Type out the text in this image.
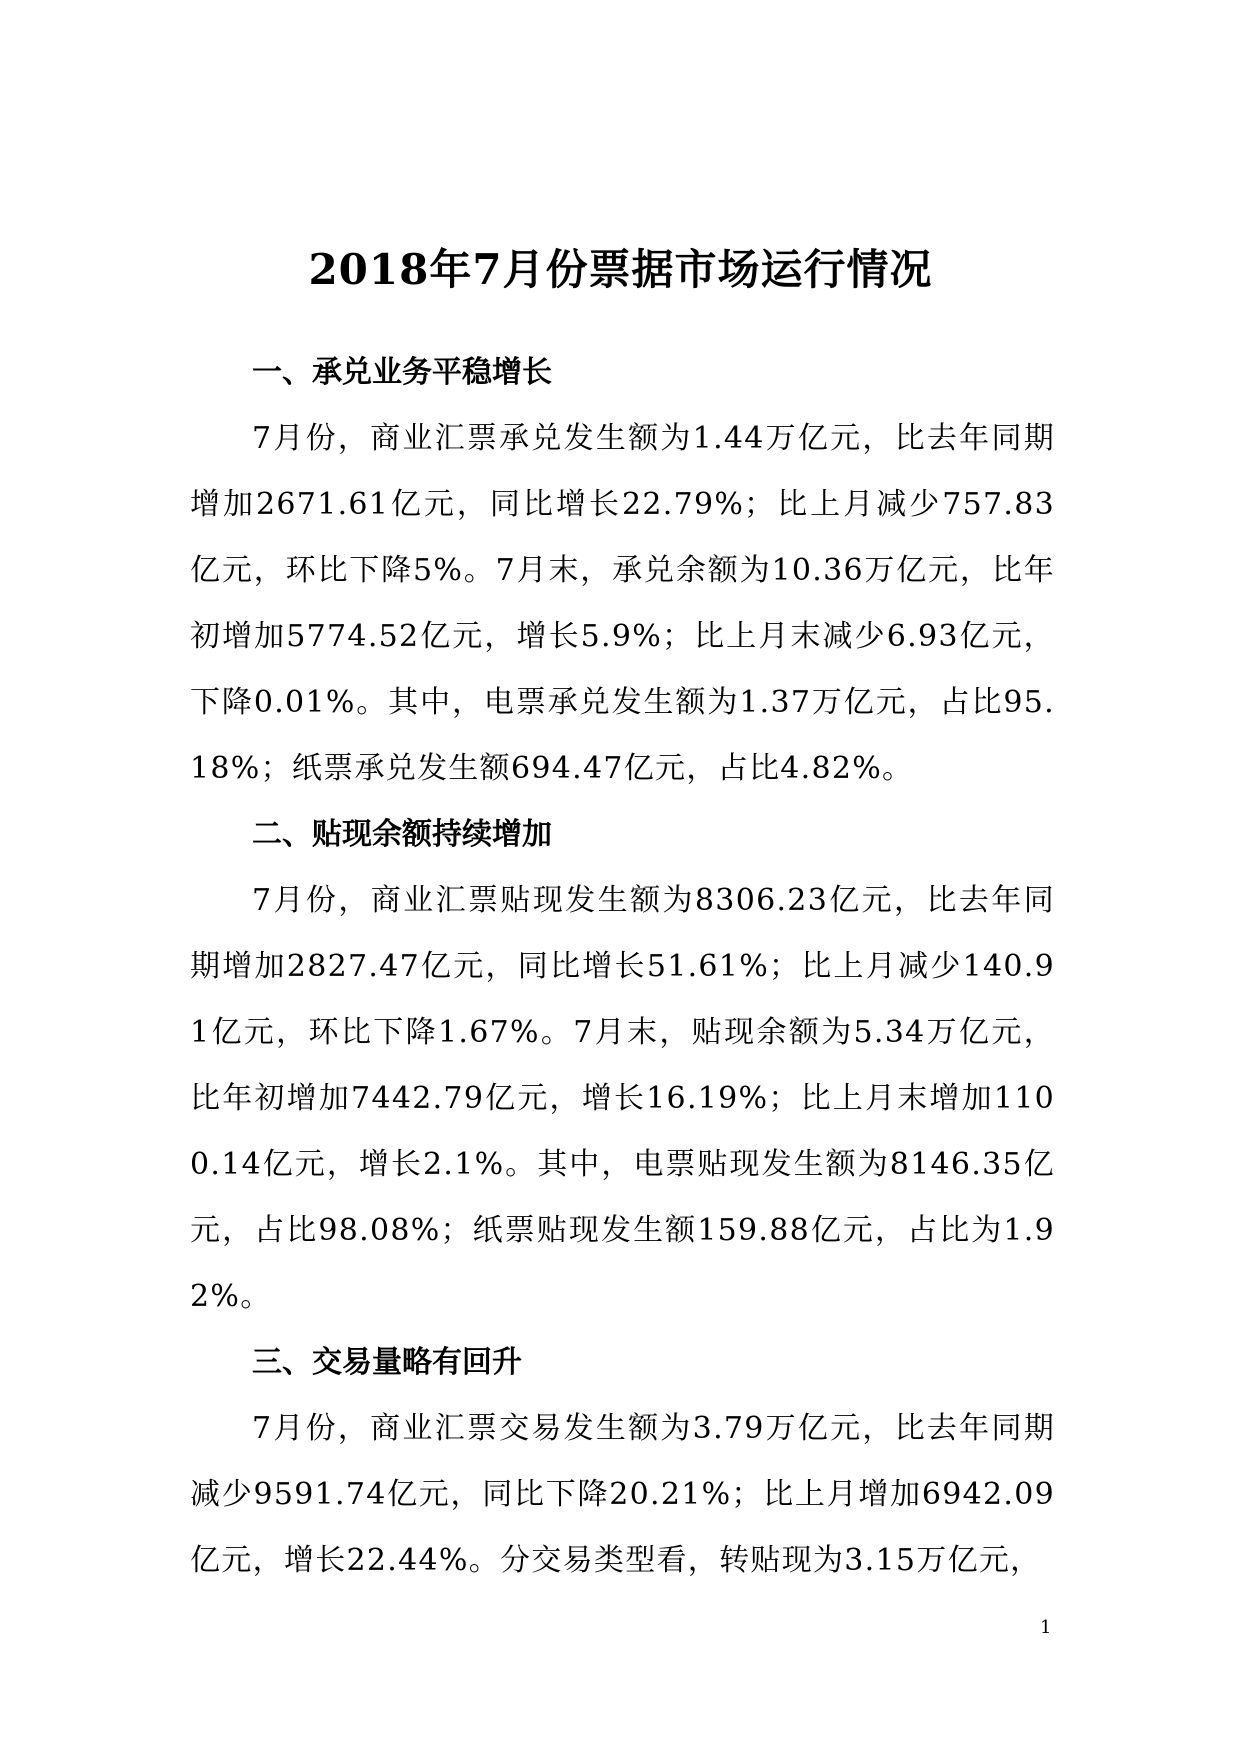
2018年7月份票据市场运行情况
一、承兑业务平稳增长

7月份，商业汇票承兑发生额为1.44万亿元，比去年同期增加2671.61亿元，同比增长22.79%；比上月减少757.83亿元，环比下降5%。7月末，承兑余额为10.36万亿元，比年初增加5774.52亿元，增长5.9%；比上月末减少6.93亿元，下降0.01%。其中，电票承兑发生额为1.37万亿元，占比95.18%；纸票承兑发生额694.47亿元，占比4.82%。

二、贴现余额持续增加

7月份，商业汇票贴现发生额为8306.23亿元，比去年同期增加2827.47亿元，同比增长51.61%；比上月减少140.91亿元，环比下降1.67%。7月末，贴现余额为5.34万亿元，比年初增加7442.79亿元，增长16.19%；比上月末增加1100.14亿元，增长2.1%。其中，电票贴现发生额为8146.35亿元，占比98.08%；纸票贴现发生额159.88亿元，占比为1.92%。

三、交易量略有回升

7月份，商业汇票交易发生额为3.79万亿元，比去年同期减少9591.74亿元，同比下降20.21%；比上月增加6942.09亿元，增长22.44%。分交易类型看，转贴现为3.15万亿元，

1
